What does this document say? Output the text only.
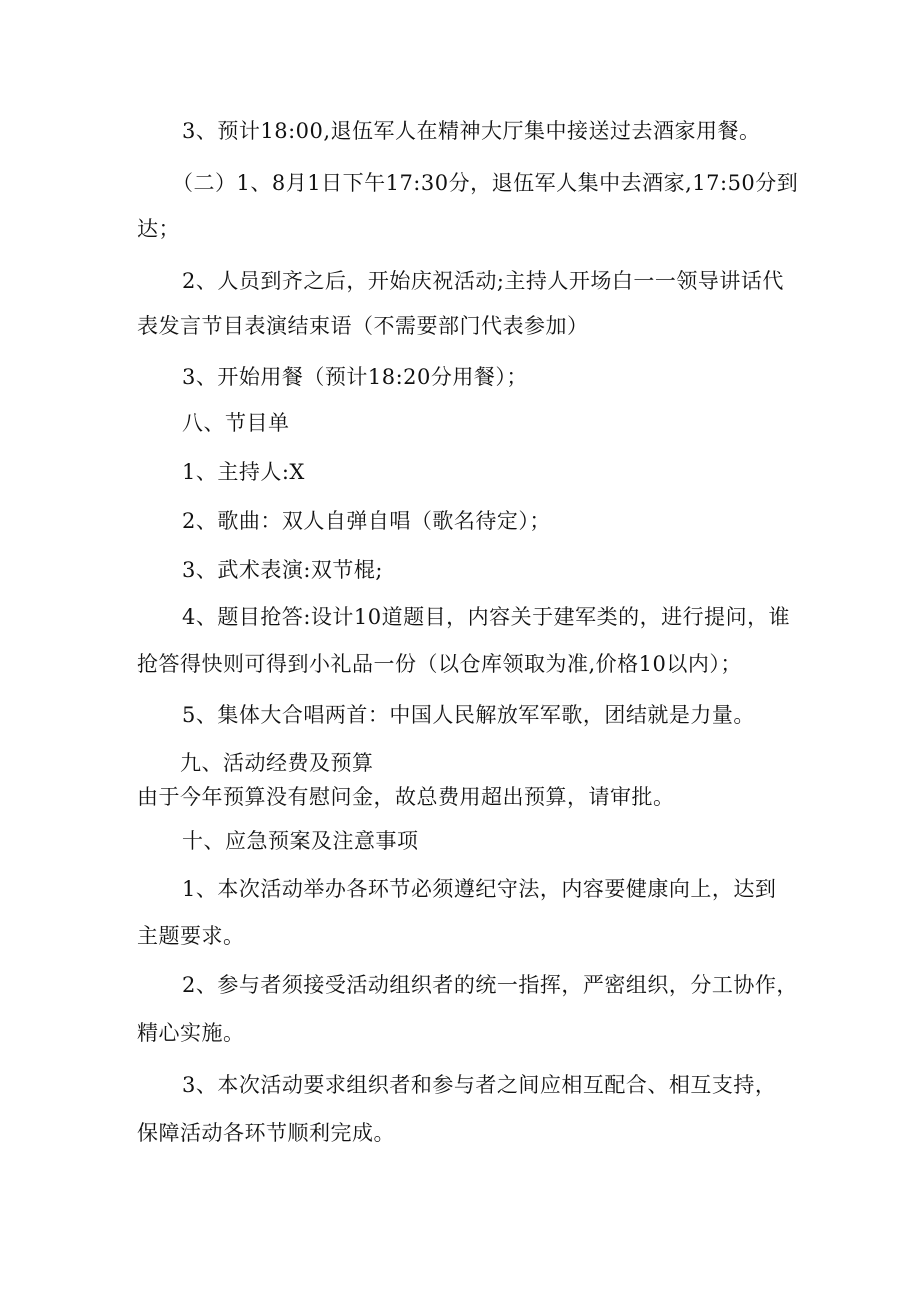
3、预计18:00,退伍军人在精神大厅集中接送过去酒家用餐。
（二）1、8月1日下午17:30分，退伍军人集中去酒家,17:50分到
达；
2、人员到齐之后，开始庆祝活动;主持人开场白一一领导讲话代
表发言节目表演结束语（不需要部门代表参加）
3、开始用餐（预计18:20分用餐）；
八、节目单
1、主持人:X
2、歌曲：双人自弹自唱（歌名待定）；
3、武术表演:双节棍;
4、题目抢答:设计10道题目，内容关于建军类的，进行提问，谁
抢答得快则可得到小礼品一份（以仓库领取为准,价格10以内）；
5、集体大合唱两首：中国人民解放军军歌，团结就是力量。
九、活动经费及预算
由于今年预算没有慰问金，故总费用超出预算，请审批。
十、应急预案及注意事项
1、本次活动举办各环节必须遵纪守法，内容要健康向上，达到
主题要求。
2、参与者须接受活动组织者的统一指挥，严密组织，分工协作，
精心实施。
3、本次活动要求组织者和参与者之间应相互配合、相互支持，
保障活动各环节顺利完成。
